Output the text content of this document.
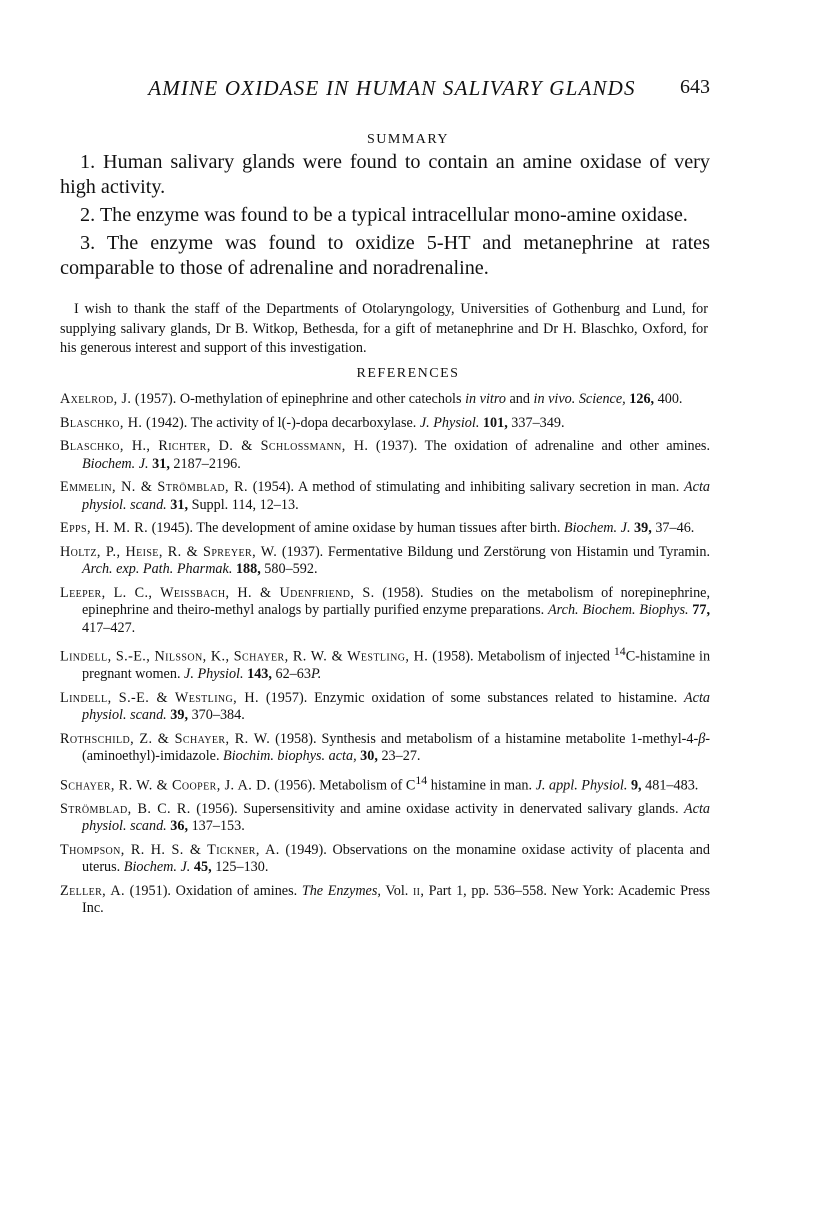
AMINE OXIDASE IN HUMAN SALIVARY GLANDS	643
SUMMARY

1. Human salivary glands were found to contain an amine oxidase of very high activity.

2. The enzyme was found to be a typical intracellular mono-amine oxidase.

3. The enzyme was found to oxidize 5-HT and metanephrine at rates comparable to those of adrenaline and noradrenaline.

I wish to thank the staff of the Departments of Otolaryngology, Universities of Gothenburg and Lund, for supplying salivary glands, Dr B. Witkop, Bethesda, for a gift of metanephrine and Dr H. Blaschko, Oxford, for his generous interest and support of this investigation.

REFERENCES
Axelrod, J. (1957). O-methylation of epinephrine and other catechols in vitro and in vivo. Science, 126, 400.
Blaschko, H. (1942). The activity of l(-)-dopa decarboxylase. J. Physiol. 101, 337–349.
Blaschko, H., Richter, D. & Schlossmann, H. (1937). The oxidation of adrenaline and other amines. Biochem. J. 31, 2187–2196.
Emmelin, N. & Strömblad, R. (1954). A method of stimulating and inhibiting salivary secretion in man. Acta physiol. scand. 31, Suppl. 114, 12–13.
Epps, H. M. R. (1945). The development of amine oxidase by human tissues after birth. Biochem. J. 39, 37–46.
Holtz, P., Heise, R. & Spreyer, W. (1937). Fermentative Bildung und Zerstörung von Histamin und Tyramin. Arch. exp. Path. Pharmak. 188, 580–592.
Leeper, L. C., Weissbach, H. & Udenfriend, S. (1958). Studies on the metabolism of norepinephrine, epinephrine and theiro-methyl analogs by partially purified enzyme preparations. Arch. Biochem. Biophys. 77, 417–427.
Lindell, S.-E., Nilsson, K., Schayer, R. W. & Westling, H. (1958). Metabolism of injected $^{14}$C-histamine in pregnant women. J. Physiol. 143, 62–63P.
Lindell, S.-E. & Westling, H. (1957). Enzymic oxidation of some substances related to histamine. Acta physiol. scand. 39, 370–384.
Rothschild, Z. & Schayer, R. W. (1958). Synthesis and metabolism of a histamine metabolite 1-methyl-4-β-(aminoethyl)-imidazole. Biochim. biophys. acta, 30, 23–27.
Schayer, R. W. & Cooper, J. A. D. (1956). Metabolism of $C^{14}$ histamine in man. J. appl. Physiol. 9, 481–483.
Strömblad, B. C. R. (1956). Supersensitivity and amine oxidase activity in denervated salivary glands. Acta physiol. scand. 36, 137–153.
Thompson, R. H. S. & Tickner, A. (1949). Observations on the monamine oxidase activity of placenta and uterus. Biochem. J. 45, 125–130.
Zeller, A. (1951). Oxidation of amines. The Enzymes, Vol. ii, Part 1, pp. 536–558. New York: Academic Press Inc.
